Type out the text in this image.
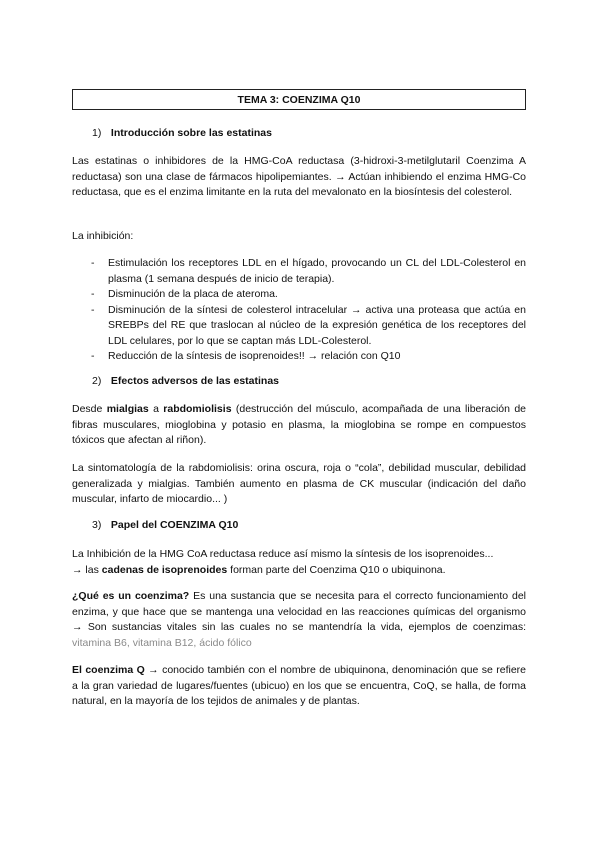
TEMA 3: COENZIMA Q10
1) Introducción sobre las estatinas
Las estatinas o inhibidores de la HMG-CoA reductasa (3-hidroxi-3-metilglutaril Coenzima A reductasa) son una clase de fármacos hipolipemiantes. → Actúan inhibiendo el enzima HMG-Co reductasa, que es el enzima limitante en la ruta del mevalonato en la biosíntesis del colesterol.
La inhibición:
- Estimulación los receptores LDL en el hígado, provocando un CL del LDL-Colesterol en plasma (1 semana después de inicio de terapia).
- Disminución de la placa de ateroma.
- Disminución de la síntesi de colesterol intracelular → activa una proteasa que actúa en SREBPs del RE que traslocan al núcleo de la expresión genética de los receptores del LDL celulares, por lo que se captan más LDL-Colesterol.
- Reducción de la síntesis de isoprenoides!! → relación con Q10
2) Efectos adversos de las estatinas
Desde mialgias a rabdomiolisis (destrucción del músculo, acompañada de una liberación de fibras musculares, mioglobina y potasio en plasma, la mioglobina se rompe en compuestos tóxicos que afectan al riñon).
La sintomatología de la rabdomiolisis: orina oscura, roja o “cola”, debilidad muscular, debilidad generalizada y mialgias. También aumento en plasma de CK muscular (indicación del daño muscular, infarto de miocardio... )
3) Papel del COENZIMA Q10
La Inhibición de la HMG CoA reductasa reduce así mismo la síntesis de los isoprenoides...
→ las cadenas de isoprenoides forman parte del Coenzima Q10 o ubiquinona.
¿Qué es un coenzima? Es una sustancia que se necesita para el correcto funcionamiento del enzima, y que hace que se mantenga una velocidad en las reacciones químicas del organismo → Son sustancias vitales sin las cuales no se mantendría la vida, ejemplos de coenzimas: vitamina B6, vitamina B12, ácido fólico
El coenzima Q → conocido también con el nombre de ubiquinona, denominación que se refiere a la gran variedad de lugares/fuentes (ubicuo) en los que se encuentra, CoQ, se halla, de forma natural, en la mayoría de los tejidos de animales y de plantas.
